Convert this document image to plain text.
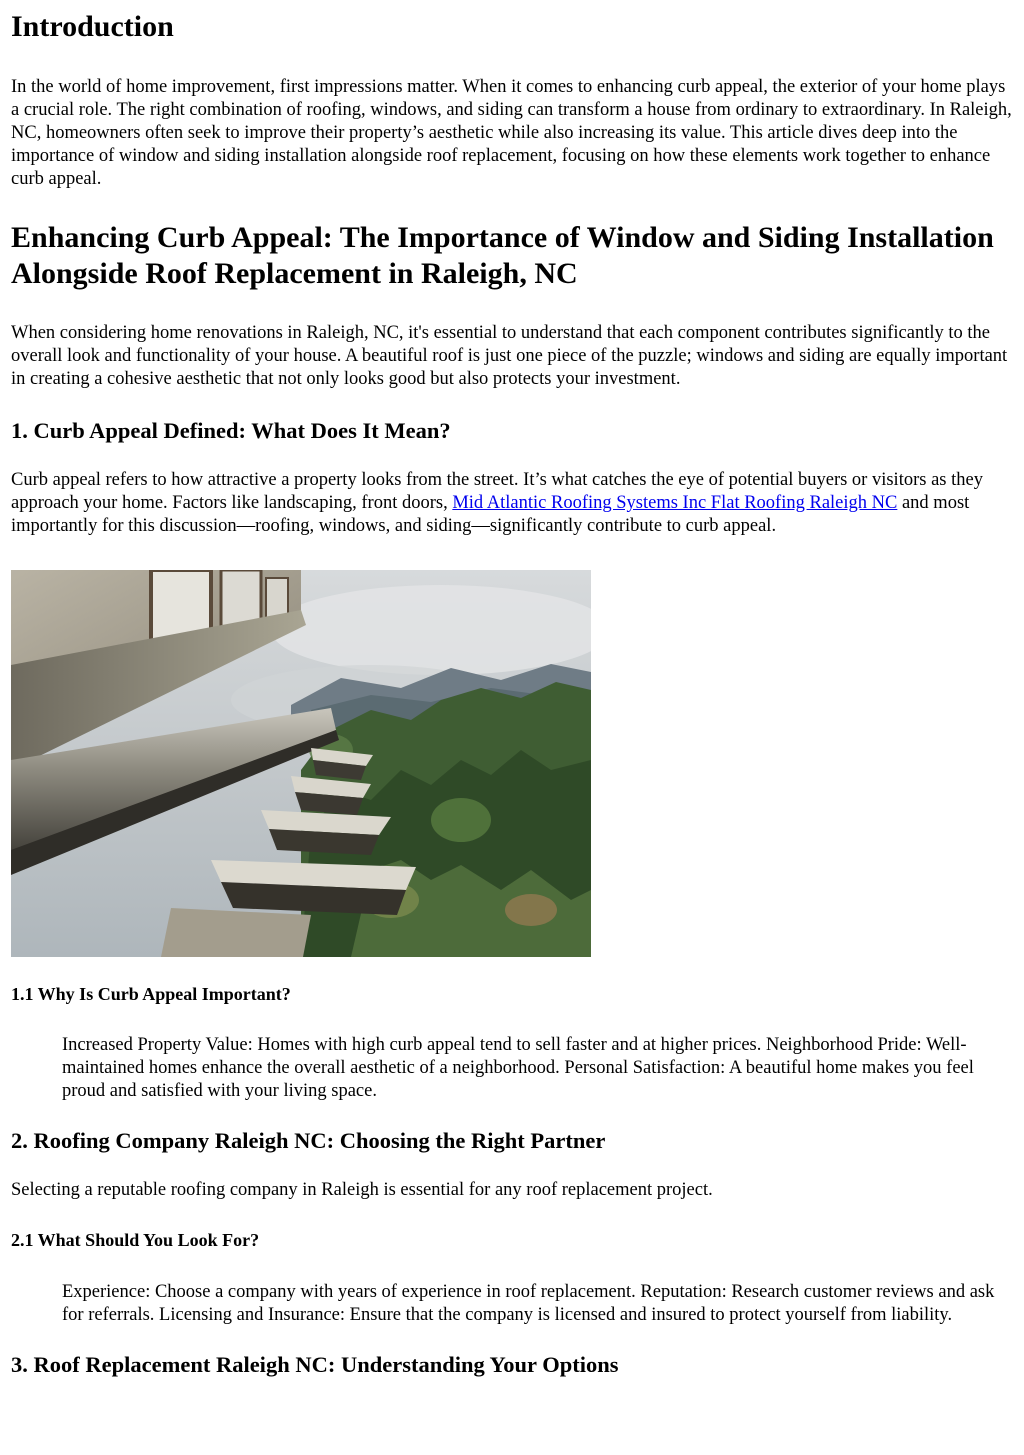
Introduction

In the world of home improvement, first impressions matter. When it comes to enhancing curb appeal, the exterior of your home plays a crucial role. The right combination of roofing, windows, and siding can transform a house from ordinary to extraordinary. In Raleigh, NC, homeowners often seek to improve their property’s aesthetic while also increasing its value. This article dives deep into the importance of window and siding installation alongside roof replacement, focusing on how these elements work together to enhance curb appeal.

Enhancing Curb Appeal: The Importance of Window and Siding Installation Alongside Roof Replacement in Raleigh, NC

When considering home renovations in Raleigh, NC, it's essential to understand that each component contributes significantly to the overall look and functionality of your house. A beautiful roof is just one piece of the puzzle; windows and siding are equally important in creating a cohesive aesthetic that not only looks good but also protects your investment.

1. Curb Appeal Defined: What Does It Mean?

Curb appeal refers to how attractive a property looks from the street. It’s what catches the eye of potential buyers or visitors as they approach your home. Factors like landscaping, front doors, Mid Atlantic Roofing Systems Inc Flat Roofing Raleigh NC and most importantly for this discussion—roofing, windows, and siding—significantly contribute to curb appeal.

1.1 Why Is Curb Appeal Important?

Increased Property Value: Homes with high curb appeal tend to sell faster and at higher prices. Neighborhood Pride: Well-maintained homes enhance the overall aesthetic of a neighborhood. Personal Satisfaction: A beautiful home makes you feel proud and satisfied with your living space.

2. Roofing Company Raleigh NC: Choosing the Right Partner

Selecting a reputable roofing company in Raleigh is essential for any roof replacement project.

2.1 What Should You Look For?

Experience: Choose a company with years of experience in roof replacement. Reputation: Research customer reviews and ask for referrals. Licensing and Insurance: Ensure that the company is licensed and insured to protect yourself from liability.

3. Roof Replacement Raleigh NC: Understanding Your Options
